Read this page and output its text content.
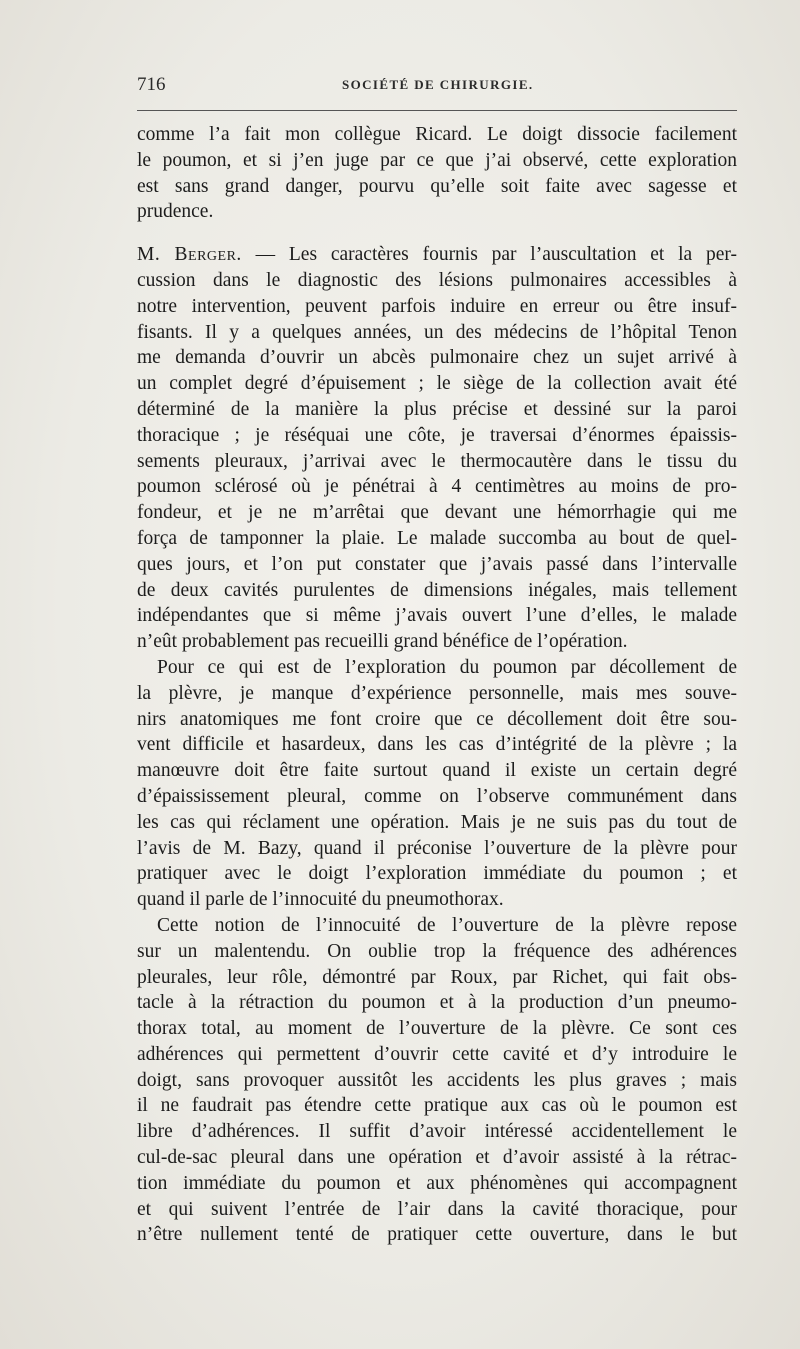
716	SOCIÉTÉ DE CHIRURGIE.
comme l’a fait mon collègue Ricard. Le doigt dissocie facilement
le poumon, et si j’en juge par ce que j’ai observé, cette exploration
est sans grand danger, pourvu qu’elle soit faite avec sagesse et
prudence.
M. Berger. — Les caractères fournis par l’auscultation et la per-
cussion dans le diagnostic des lésions pulmonaires accessibles à
notre intervention, peuvent parfois induire en erreur ou être insuf-
fisants. Il y a quelques années, un des médecins de l’hôpital Tenon
me demanda d’ouvrir un abcès pulmonaire chez un sujet arrivé à
un complet degré d’épuisement ; le siège de la collection avait été
déterminé de la manière la plus précise et dessiné sur la paroi
thoracique ; je réséquai une côte, je traversai d’énormes épaissis-
sements pleuraux, j’arrivai avec le thermocautère dans le tissu du
poumon sclérosé où je pénétrai à 4 centimètres au moins de pro-
fondeur, et je ne m’arrêtai que devant une hémorrhagie qui me
força de tamponner la plaie. Le malade succomba au bout de quel-
ques jours, et l’on put constater que j’avais passé dans l’intervalle
de deux cavités purulentes de dimensions inégales, mais tellement
indépendantes que si même j’avais ouvert l’une d’elles, le malade
n’eût probablement pas recueilli grand bénéfice de l’opération.
Pour ce qui est de l’exploration du poumon par décollement de
la plèvre, je manque d’expérience personnelle, mais mes souve-
nirs anatomiques me font croire que ce décollement doit être sou-
vent difficile et hasardeux, dans les cas d’intégrité de la plèvre ; la
manœuvre doit être faite surtout quand il existe un certain degré
d’épaississement pleural, comme on l’observe communément dans
les cas qui réclament une opération. Mais je ne suis pas du tout de
l’avis de M. Bazy, quand il préconise l’ouverture de la plèvre pour
pratiquer avec le doigt l’exploration immédiate du poumon ; et
quand il parle de l’innocuité du pneumothorax.
Cette notion de l’innocuité de l’ouverture de la plèvre repose
sur un malentendu. On oublie trop la fréquence des adhérences
pleurales, leur rôle, démontré par Roux, par Richet, qui fait obs-
tacle à la rétraction du poumon et à la production d’un pneumo-
thorax total, au moment de l’ouverture de la plèvre. Ce sont ces
adhérences qui permettent d’ouvrir cette cavité et d’y introduire le
doigt, sans provoquer aussitôt les accidents les plus graves ; mais
il ne faudrait pas étendre cette pratique aux cas où le poumon est
libre d’adhérences. Il suffit d’avoir intéressé accidentellement le
cul-de-sac pleural dans une opération et d’avoir assisté à la rétrac-
tion immédiate du poumon et aux phénomènes qui accompagnent
et qui suivent l’entrée de l’air dans la cavité thoracique, pour
n’être nullement tenté de pratiquer cette ouverture, dans le but
